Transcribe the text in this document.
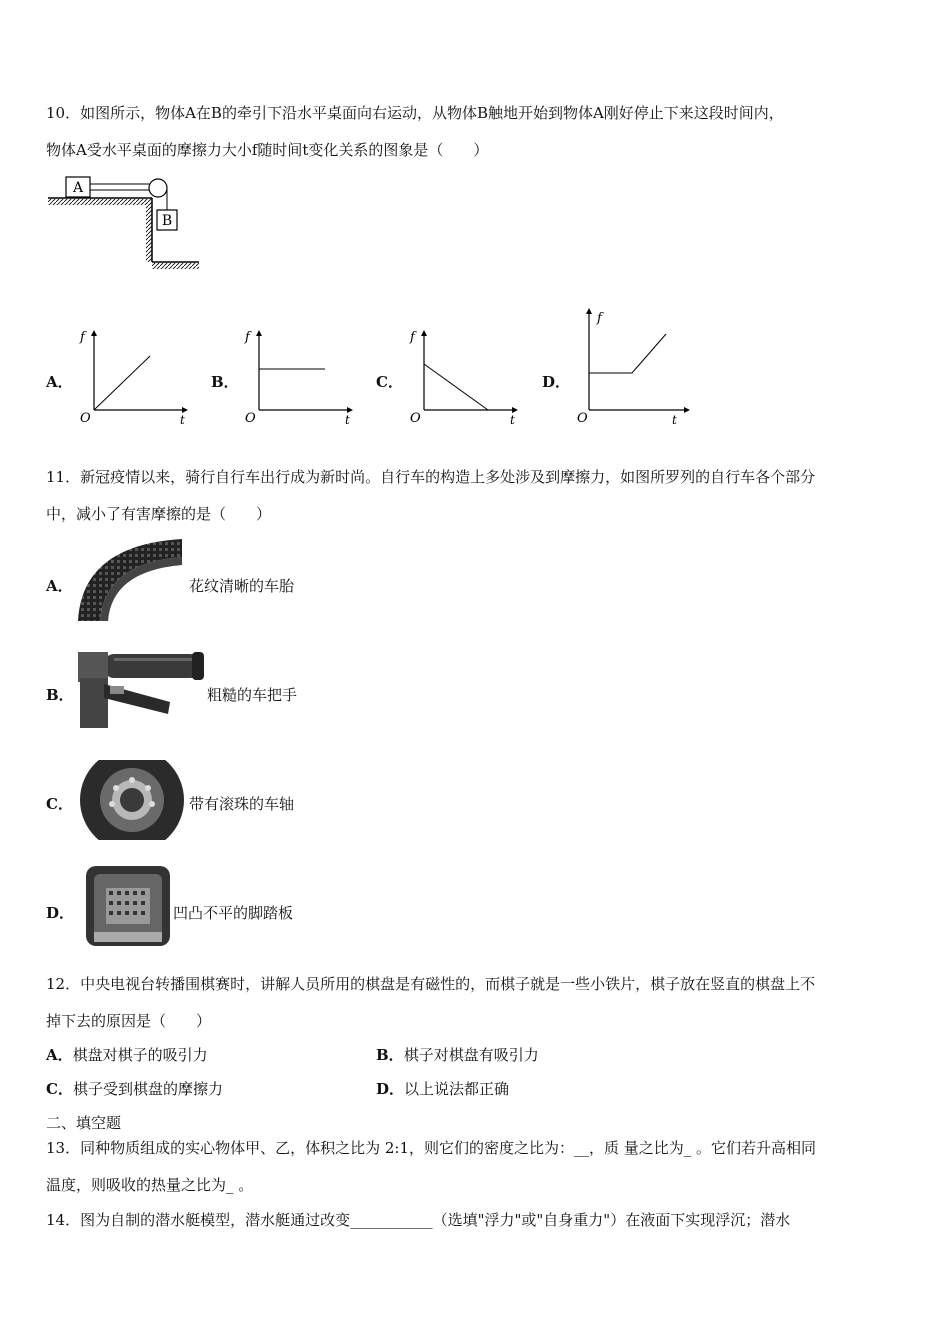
10．如图所示，物体A在B的牵引下沿水平桌面向右运动，从物体B触地开始到物体A刚好停止下来这段时间内，
物体A受水平桌面的摩擦力大小f随时间t变化关系的图象是（　　）
A
B
A．
f
t
O
B．
f
t
O
C．
f
t
O
D．
f
t
O
11．新冠疫情以来，骑行自行车出行成为新时尚。自行车的构造上多处涉及到摩擦力，如图所罗列的自行车各个部分
中，减小了有害摩擦的是（　　）
A．	花纹清晰的车胎
B．	粗糙的车把手
C．	带有滚珠的车轴
D．	凹凸不平的脚踏板
12．中央电视台转播围棋赛时，讲解人员所用的棋盘是有磁性的，而棋子就是一些小铁片，棋子放在竖直的棋盘上不
掉下去的原因是（　　）
A．棋盘对棋子的吸引力	B．棋子对棋盘有吸引力
C．棋子受到棋盘的摩擦力	D．以上说法都正确
二、填空题
13．同种物质组成的实心物体甲、乙，体积之比为 2:1，则它们的密度之比为：__，质 量之比为_ 。它们若升高相同
温度，则吸收的热量之比为_ 。
14．图为自制的潜水艇模型，潜水艇通过改变___________（选填"浮力"或"自身重力"）在液面下实现浮沉；潜水
